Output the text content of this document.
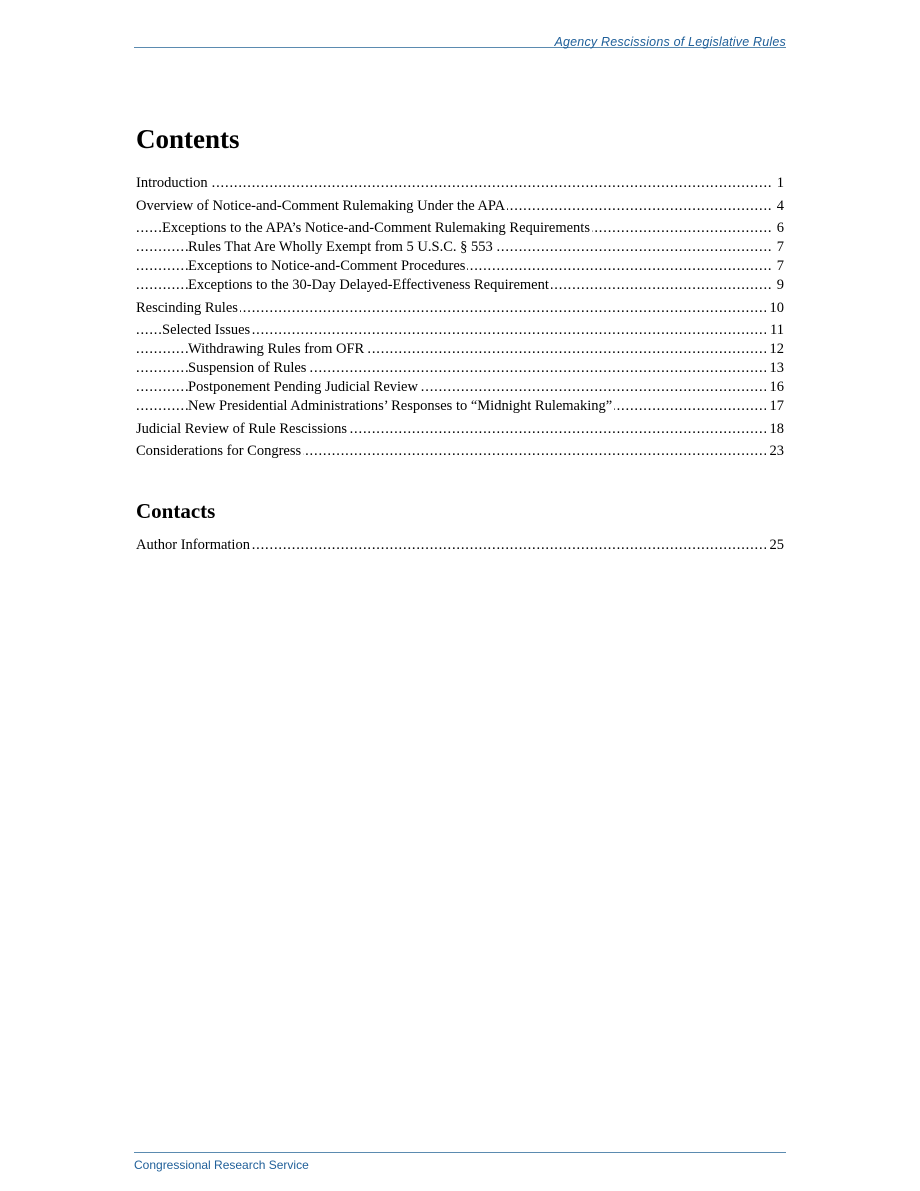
Agency Rescissions of Legislative Rules
Contents
Introduction	1
. . .
Overview of Notice-and-Comment Rulemaking Under the APA	4
. . .
Exceptions to the APA’s Notice-and-Comment Rulemaking Requirements	6
. . .
Rules That Are Wholly Exempt from 5 U.S.C. § 553	7
. . .
Exceptions to Notice-and-Comment Procedures	7
. . .
Exceptions to the 30-Day Delayed-Effectiveness Requirement	9
. . .
Rescinding Rules	10
. . .
Selected Issues	11
. . .
Withdrawing Rules from OFR	12
. . .
Suspension of Rules	13
. . .
Postponement Pending Judicial Review	16
. . .
New Presidential Administrations’ Responses to “Midnight Rulemaking”	17
. . .
Judicial Review of Rule Rescissions	18
. . .
Considerations for Congress	23
. . .
Contacts
Author Information	25
. . .
Congressional Research Service
